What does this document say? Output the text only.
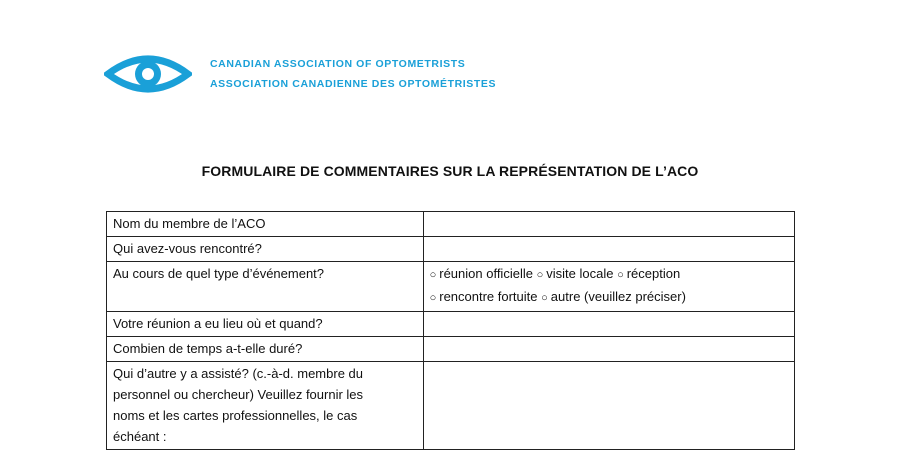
CANADIAN ASSOCIATION OF OPTOMETRISTS
ASSOCIATION CANADIENNE DES OPTOMÉTRISTES
FORMULAIRE DE COMMENTAIRES SUR LA REPRÉSENTATION DE L’ACO
Nom du membre de l’ACO	
Qui avez-vous rencontré?	
Au cours de quel type d’événement?	○ réunion officielle ○ visite locale ○ réception
○ rencontre fortuite ○ autre (veuillez préciser)

Votre réunion a eu lieu où et quand?	
Combien de temps a-t-elle duré?	

Qui d’autre y a assisté? (c.-à-d. membre du
personnel ou chercheur) Veuillez fournir les
noms et les cartes professionnelles, le cas
échéant :	
